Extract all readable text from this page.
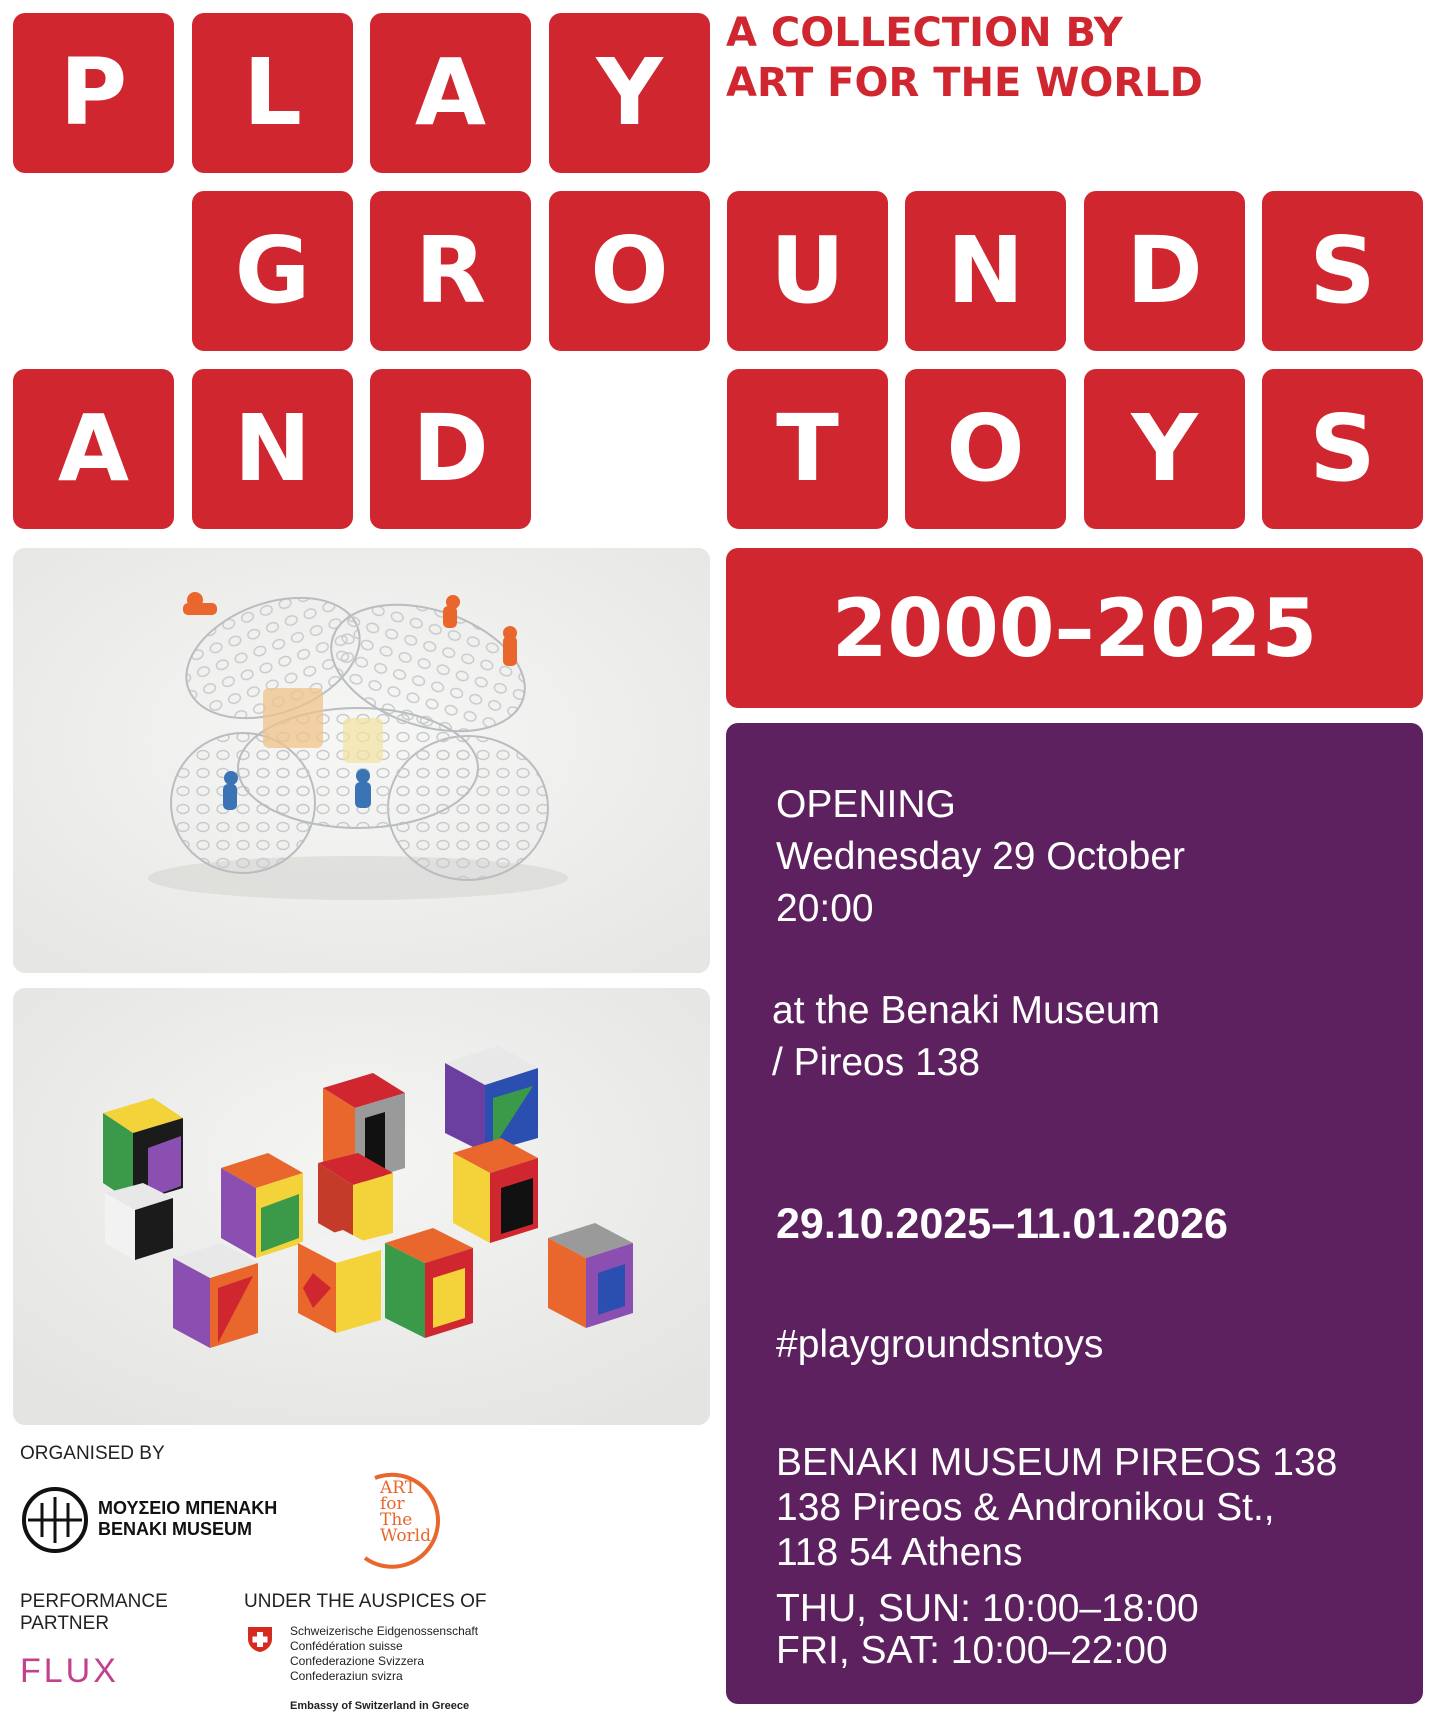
P	L	A	Y
A COLLECTION BY
ART FOR THE WORLD
G	R	O	U	N	D	S
A	N	D	T	O	Y	S
2000–2025
ORGANISED BY
ΜΟΥΣΕΙΟ ΜΠΕΝΑΚΗ
BENAKI MUSEUM
ART
for
The
World
PERFORMANCE
PARTNER
FLUX
UNDER THE AUSPICES OF
Schweizerische Eidgenossenschaft
Confédération suisse
Confederazione Svizzera
Confederaziun svizra
Embassy of Switzerland in Greece
OPENING
Wednesday 29 October
20:00
at the Benaki Museum
/ Pireos 138
29.10.2025–11.01.2026
#playgroundsntoys
BENAKI MUSEUM PIREOS 138
138 Pireos & Andronikou St.,
118 54 Athens
THU, SUN: 10:00–18:00
FRI, SAT: 10:00–22:00
